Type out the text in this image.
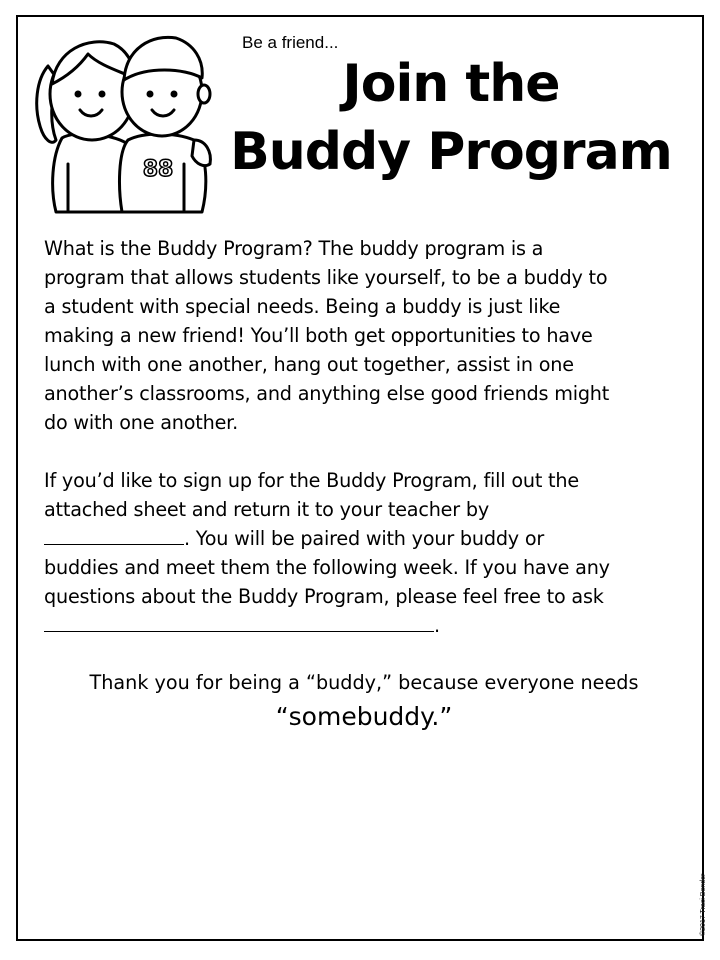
88
Be a friend...
Join the
Buddy Program

What is the Buddy Program? The buddy program is a
program that allows students like yourself, to be a buddy to
a student with special needs. Being a buddy is just like
making a new friend! You’ll both get opportunities to have
lunch with one another, hang out together, assist in one
another’s classrooms, and anything else good friends might
do with one another.

If you’d like to sign up for the Buddy Program, fill out the
attached sheet and return it to your teacher by
. You will be paired with your buddy or
buddies and meet them the following week. If you have any
questions about the Buddy Program, please feel free to ask
.

Thank you for being a “buddy,” because everyone needs

“somebuddy.”

©2017 Traci Bender
